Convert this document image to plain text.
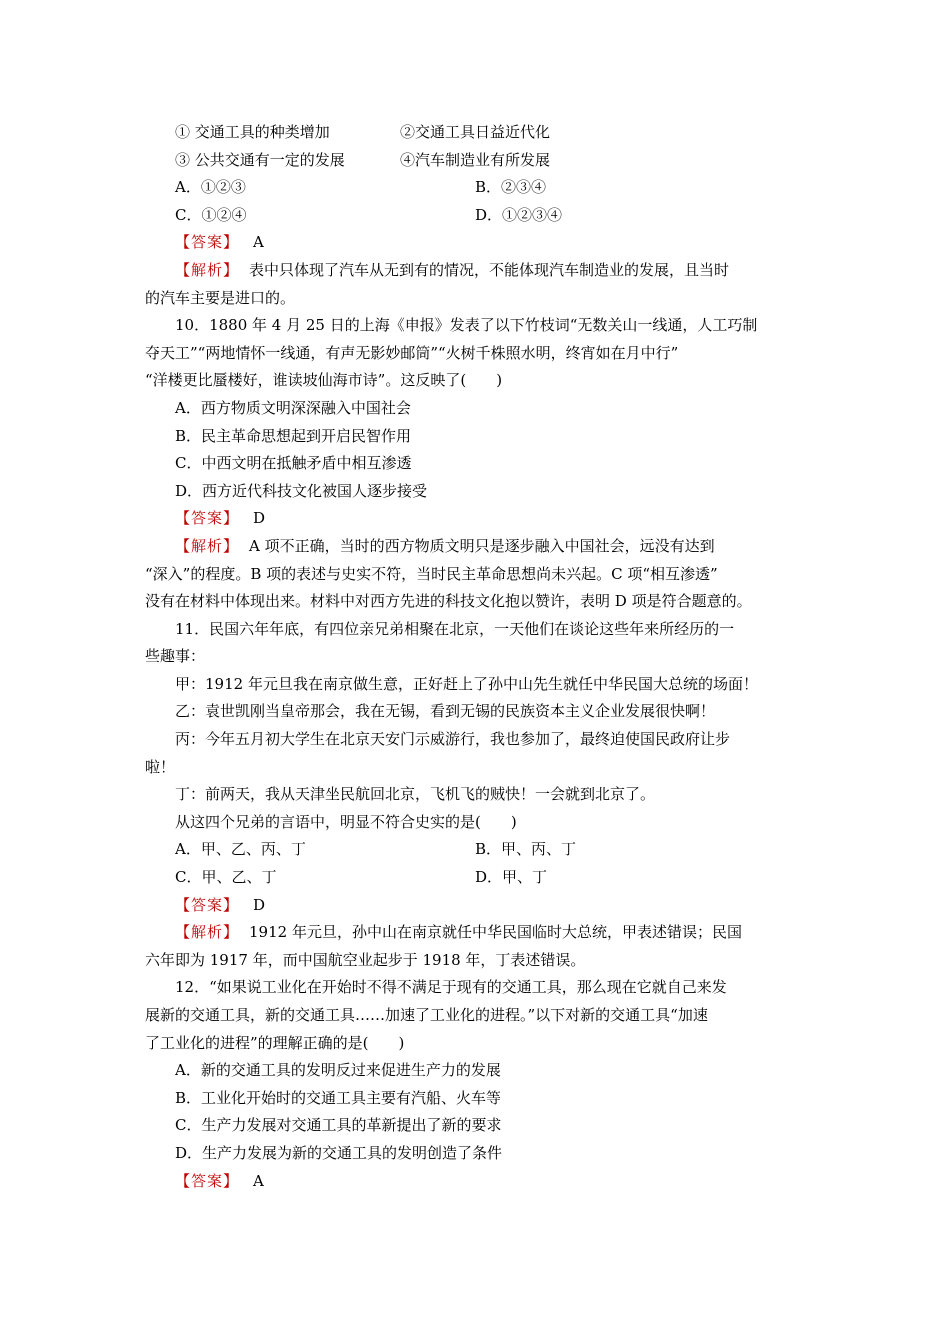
① 交通工具的种类增加	②交通工具日益近代化
③ 公共交通有一定的发展	④汽车制造业有所发展
A．①②③	B．②③④
C．①②④	D．①②③④
【答案】 A
【解析】 表中只体现了汽车从无到有的情况，不能体现汽车制造业的发展，且当时
的汽车主要是进口的。
10．1880 年 4 月 25 日的上海《申报》发表了以下竹枝词“无数关山一线通，人工巧制
夺天工”“两地情怀一线通，有声无影妙邮筒”“火树千株照水明，终宵如在月中行”
“洋楼更比蜃楼好，谁读坡仙海市诗”。这反映了(　　)
A．西方物质文明深深融入中国社会
B．民主革命思想起到开启民智作用
C．中西文明在抵触矛盾中相互渗透
D．西方近代科技文化被国人逐步接受
【答案】 D
【解析】 A 项不正确，当时的西方物质文明只是逐步融入中国社会，远没有达到
“深入”的程度。B 项的表述与史实不符，当时民主革命思想尚未兴起。C 项“相互渗透”
没有在材料中体现出来。材料中对西方先进的科技文化抱以赞许，表明 D 项是符合题意的。
11．民国六年年底，有四位亲兄弟相聚在北京，一天他们在谈论这些年来所经历的一
些趣事：
甲：1912 年元旦我在南京做生意，正好赶上了孙中山先生就任中华民国大总统的场面！
乙：袁世凯刚当皇帝那会，我在无锡，看到无锡的民族资本主义企业发展很快啊！
丙：今年五月初大学生在北京天安门示威游行，我也参加了，最终迫使国民政府让步
啦！
丁：前两天，我从天津坐民航回北京，飞机飞的贼快！一会就到北京了。
从这四个兄弟的言语中，明显不符合史实的是(　　)
A．甲、乙、丙、丁	B．甲、丙、丁
C．甲、乙、丁	D．甲、丁
【答案】 D
【解析】 1912 年元旦，孙中山在南京就任中华民国临时大总统，甲表述错误；民国
六年即为 1917 年，而中国航空业起步于 1918 年，丁表述错误。
12．“如果说工业化在开始时不得不满足于现有的交通工具，那么现在它就自己来发
展新的交通工具，新的交通工具……加速了工业化的进程。”以下对新的交通工具“加速
了工业化的进程”的理解正确的是(　　)
A．新的交通工具的发明反过来促进生产力的发展
B．工业化开始时的交通工具主要有汽船、火车等
C．生产力发展对交通工具的革新提出了新的要求
D．生产力发展为新的交通工具的发明创造了条件
【答案】 A
